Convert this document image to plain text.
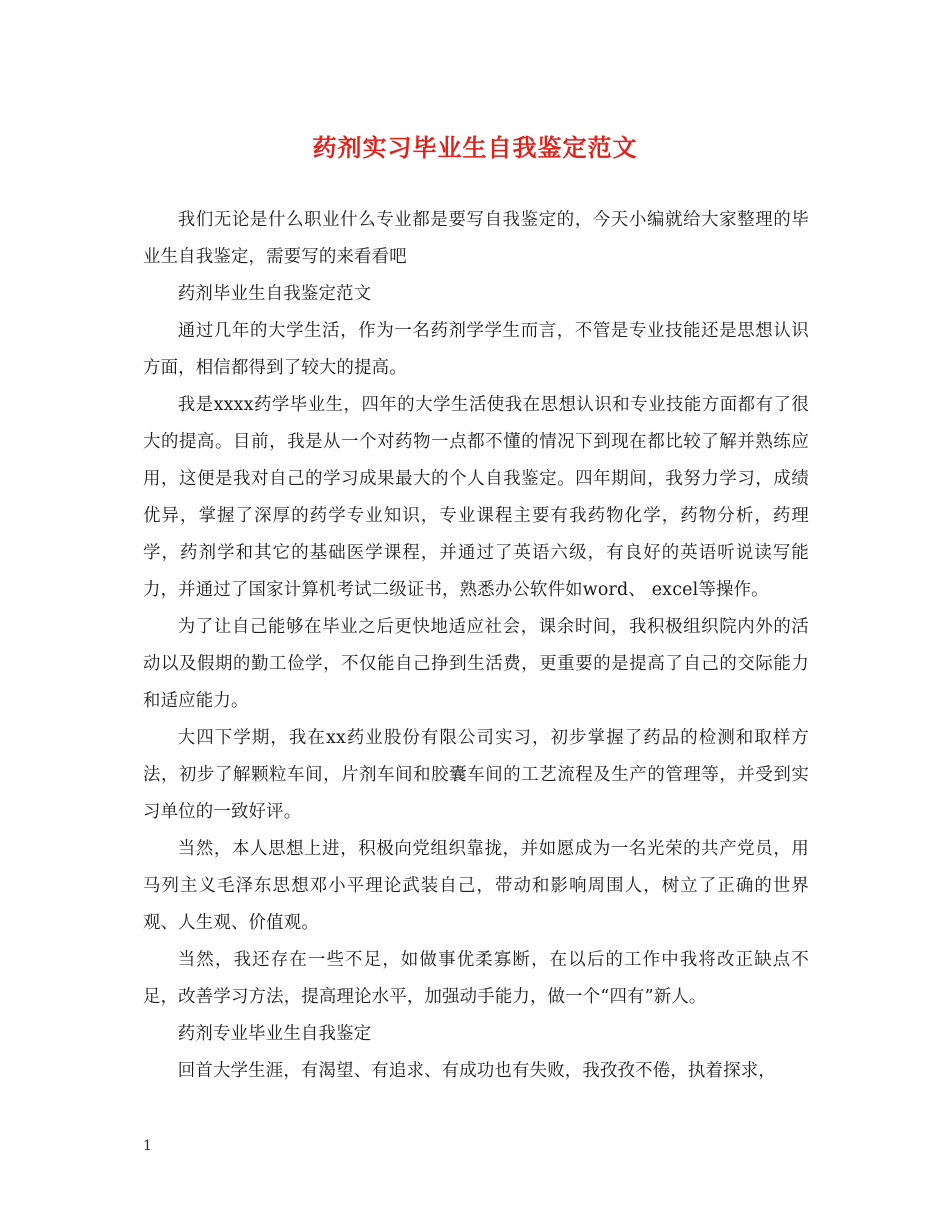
药剂实习毕业生自我鉴定范文

我们无论是什么职业什么专业都是要写自我鉴定的，今天小编就给大家整理的毕业生自我鉴定，需要写的来看看吧

药剂毕业生自我鉴定范文

通过几年的大学生活，作为一名药剂学学生而言，不管是专业技能还是思想认识方面，相信都得到了较大的提高。

我是xxxx药学毕业生，四年的大学生活使我在思想认识和专业技能方面都有了很大的提高。目前，我是从一个对药物一点都不懂的情况下到现在都比较了解并熟练应用，这便是我对自己的学习成果最大的个人自我鉴定。四年期间，我努力学习，成绩优异，掌握了深厚的药学专业知识，专业课程主要有我药物化学，药物分析，药理学，药剂学和其它的基础医学课程，并通过了英语六级，有良好的英语听说读写能力，并通过了国家计算机考试二级证书，熟悉办公软件如word、 excel等操作。

为了让自己能够在毕业之后更快地适应社会，课余时间，我积极组织院内外的活动以及假期的勤工俭学，不仅能自己挣到生活费，更重要的是提高了自己的交际能力和适应能力。

大四下学期，我在xx药业股份有限公司实习，初步掌握了药品的检测和取样方法，初步了解颗粒车间，片剂车间和胶囊车间的工艺流程及生产的管理等，并受到实习单位的一致好评。

当然，本人思想上进，积极向党组织靠拢，并如愿成为一名光荣的共产党员，用马列主义毛泽东思想邓小平理论武装自己，带动和影响周围人，树立了正确的世界观、人生观、价值观。

当然，我还存在一些不足，如做事优柔寡断，在以后的工作中我将改正缺点不足，改善学习方法，提高理论水平，加强动手能力，做一个“四有”新人。

药剂专业毕业生自我鉴定

回首大学生涯，有渴望、有追求、有成功也有失败，我孜孜不倦，执着探求，

1
